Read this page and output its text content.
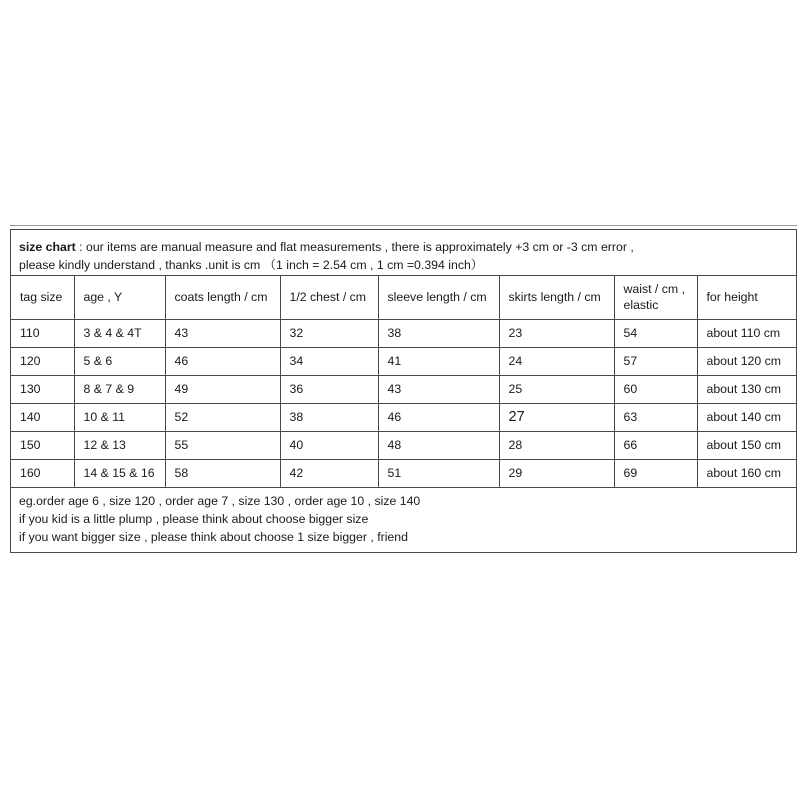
size chart : our items are manual measure and flat measurements , there is approximately +3 cm or -3 cm error ,
please kindly understand , thanks .unit is cm （1 inch = 2.54 cm , 1 cm =0.394 inch）
tag size	age , Y	coats length / cm	1/2 chest / cm	sleeve length / cm	skirts length / cm	waist / cm , elastic	for height
110	3 & 4 & 4T	43	32	38	23	54	about 110 cm
120	5 & 6	46	34	41	24	57	about 120 cm
130	8 & 7 & 9	49	36	43	25	60	about 130 cm
140	10 & 11	52	38	46	27	63	about 140 cm
150	12 & 13	55	40	48	28	66	about 150 cm
160	14 & 15 & 16	58	42	51	29	69	about 160 cm
eg.order age 6 , size 120 , order age 7 , size 130 , order age 10 , size 140
if you kid is a little plump , please think about choose bigger size
if you want bigger size , please think about choose 1 size bigger , friend
